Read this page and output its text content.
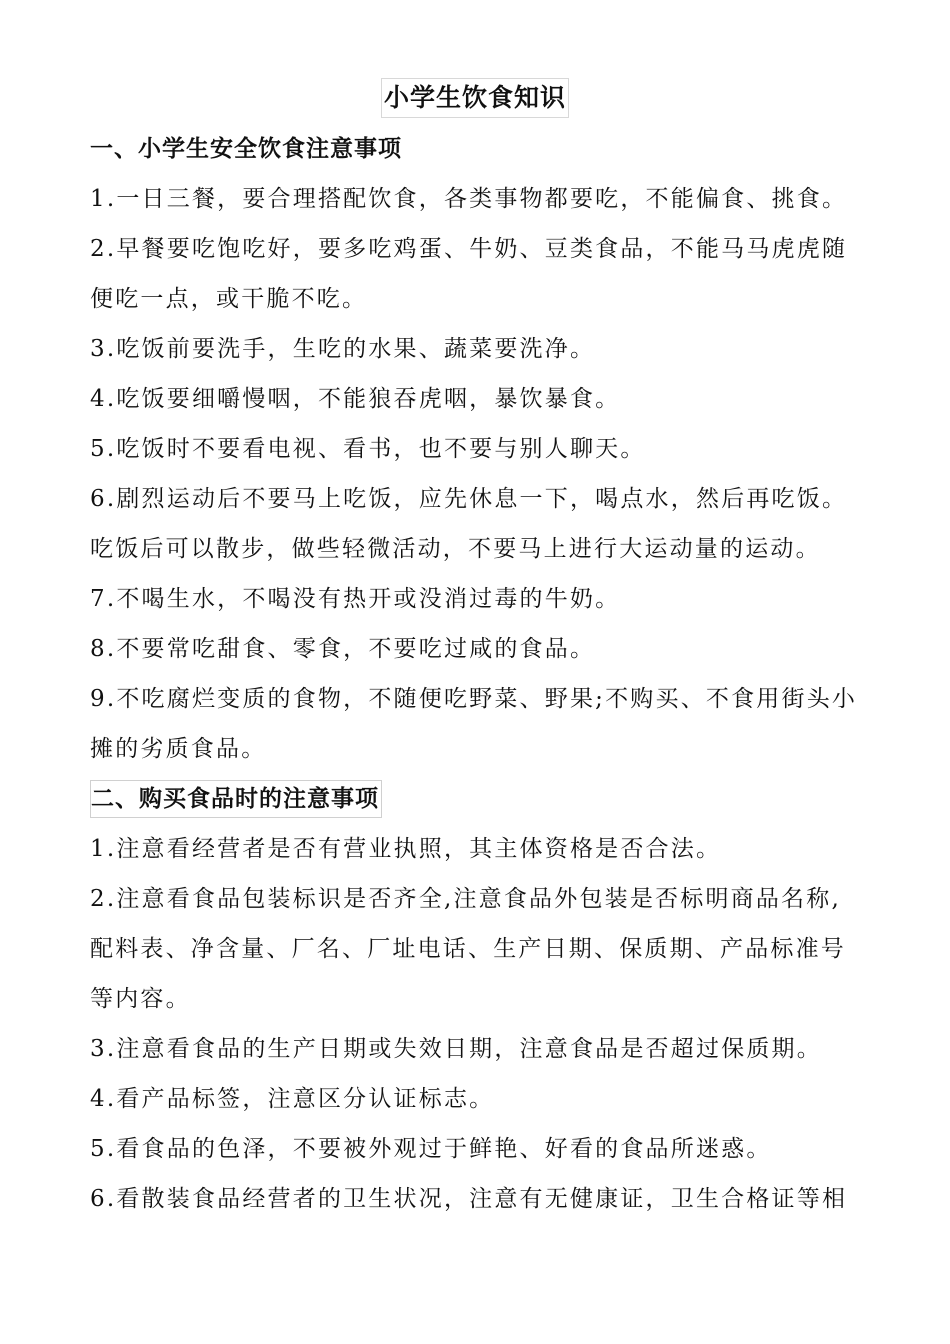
小学生饮食知识
一、小学生安全饮食注意事项

1.一日三餐，要合理搭配饮食，各类事物都要吃，不能偏食、挑食。

2.早餐要吃饱吃好，要多吃鸡蛋、牛奶、豆类食品，不能马马虎虎随

便吃一点，或干脆不吃。

3.吃饭前要洗手，生吃的水果、蔬菜要洗净。

4.吃饭要细嚼慢咽，不能狼吞虎咽，暴饮暴食。

5.吃饭时不要看电视、看书，也不要与别人聊天。

6.剧烈运动后不要马上吃饭，应先休息一下，喝点水，然后再吃饭。

吃饭后可以散步，做些轻微活动，不要马上进行大运动量的运动。

7.不喝生水，不喝没有热开或没消过毒的牛奶。

8.不要常吃甜食、零食，不要吃过咸的食品。

9.不吃腐烂变质的食物，不随便吃野菜、野果;不购买、不食用街头小

摊的劣质食品。

二、购买食品时的注意事项

1.注意看经营者是否有营业执照，其主体资格是否合法。

2.注意看食品包装标识是否齐全,注意食品外包装是否标明商品名称,

配料表、净含量、厂名、厂址电话、生产日期、保质期、产品标准号

等内容。

3.注意看食品的生产日期或失效日期，注意食品是否超过保质期。

4.看产品标签，注意区分认证标志。

5.看食品的色泽，不要被外观过于鲜艳、好看的食品所迷惑。

6.看散装食品经营者的卫生状况，注意有无健康证，卫生合格证等相
